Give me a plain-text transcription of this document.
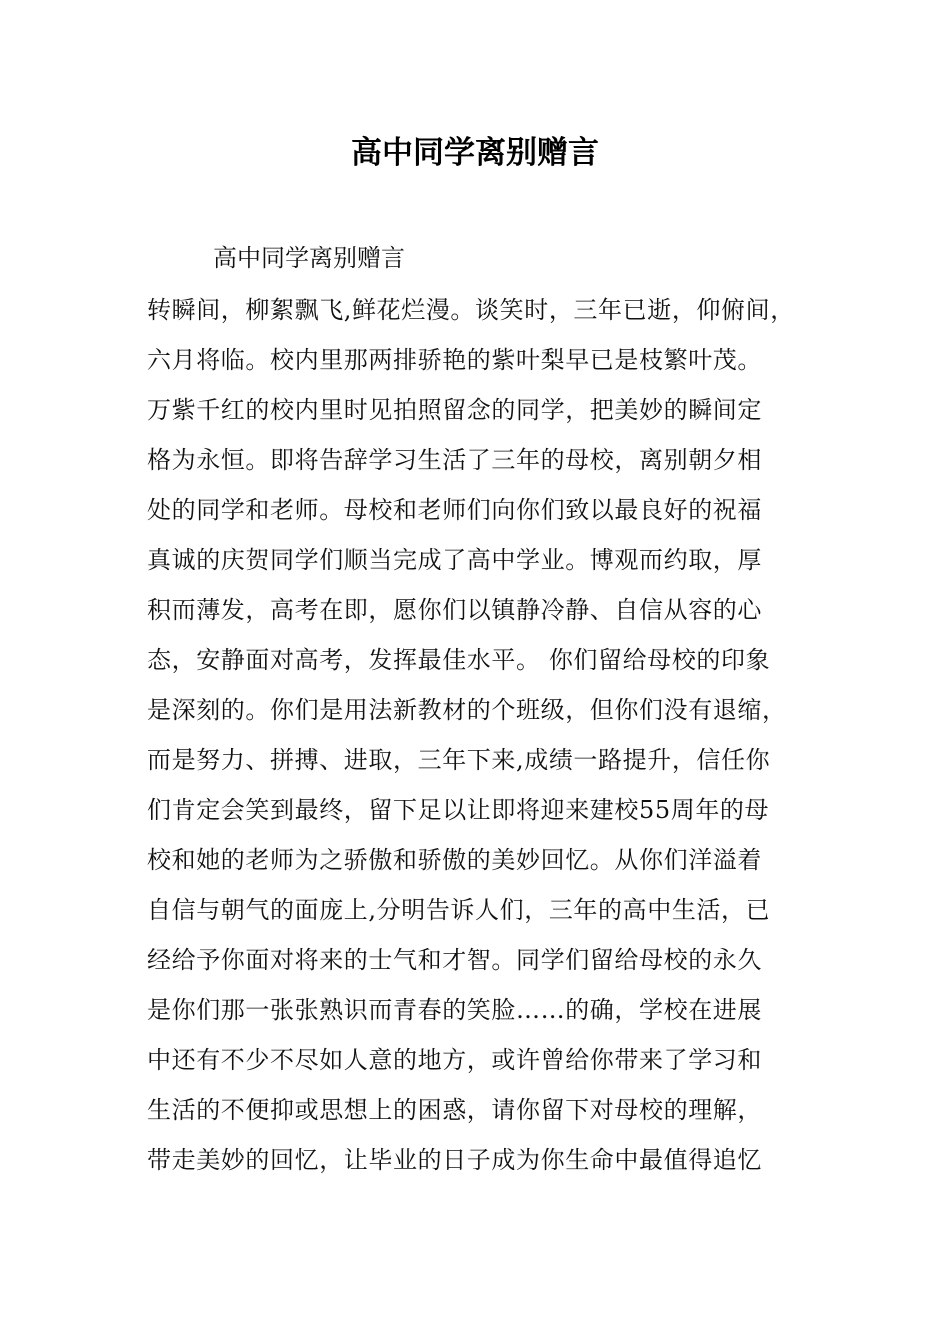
高中同学离别赠言

高中同学离别赠言

转瞬间，柳絮飘飞,鲜花烂漫。谈笑时，三年已逝，仰俯间，
六月将临。校内里那两排骄艳的紫叶梨早已是枝繁叶茂。
万紫千红的校内里时见拍照留念的同学，把美妙的瞬间定
格为永恒。即将告辞学习生活了三年的母校，离别朝夕相
处的同学和老师。母校和老师们向你们致以最良好的祝福
真诚的庆贺同学们顺当完成了高中学业。博观而约取，厚
积而薄发，高考在即，愿你们以镇静冷静、自信从容的心
态，安静面对高考，发挥最佳水平。 你们留给母校的印象
是深刻的。你们是用法新教材的个班级，但你们没有退缩，
而是努力、拼搏、进取，三年下来,成绩一路提升，信任你
们肯定会笑到最终，留下足以让即将迎来建校55周年的母
校和她的老师为之骄傲和骄傲的美妙回忆。从你们洋溢着
自信与朝气的面庞上,分明告诉人们，三年的高中生活，已
经给予你面对将来的士气和才智。同学们留给母校的永久
是你们那一张张熟识而青春的笑脸……的确，学校在进展
中还有不少不尽如人意的地方，或许曾给你带来了学习和
生活的不便抑或思想上的困惑，请你留下对母校的理解，
带走美妙的回忆，让毕业的日子成为你生命中最值得追忆
